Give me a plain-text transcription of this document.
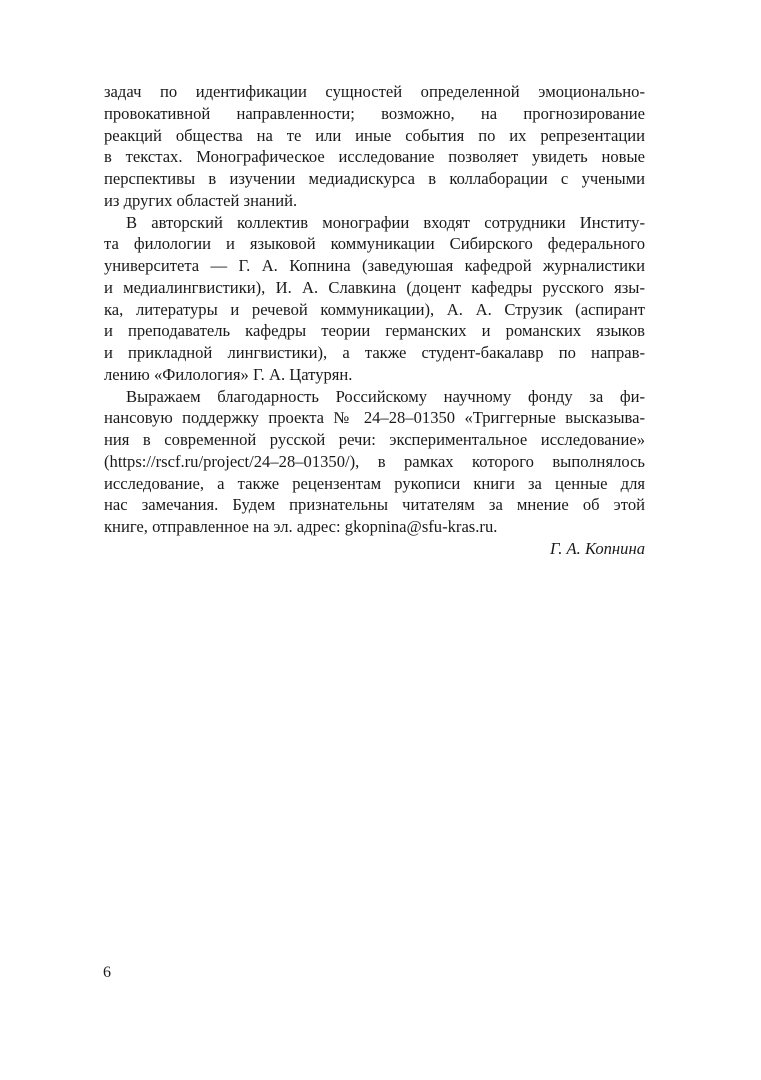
задач по идентификации сущностей определенной эмоционально-
провокативной направленности; возможно, на прогнозирование
реакций общества на те или иные события по их репрезентации
в текстах. Монографическое исследование позволяет увидеть новые
перспективы в изучении медиадискурса в коллаборации с учеными
из других областей знаний.
В авторский коллектив монографии входят сотрудники Институ-
та филологии и языковой коммуникации Сибирского федерального
университета — Г. А. Копнина (заведуюшая кафедрой журналистики
и медиалингвистики), И. А. Славкина (доцент кафедры русского язы-
ка, литературы и речевой коммуникации), А. А. Струзик (аспирант
и преподаватель кафедры теории германских и романских языков
и прикладной лингвистики), а также студент-бакалавр по направ-
лению «Филология» Г. А. Цатурян.
Выражаем благодарность Российскому научному фонду за фи-
нансовую поддержку проекта № 24–28–01350 «Триггерные высказыва-
ния в современной русской речи: экспериментальное исследование»
(https://rscf.ru/project/24–28–01350/), в рамках которого выполнялось
исследование, а также рецензентам рукописи книги за ценные для
нас замечания. Будем признательны читателям за мнение об этой
книге, отправленное на эл. адрес: gkopnina@sfu-kras.ru.
Г. А. Копнина
6
